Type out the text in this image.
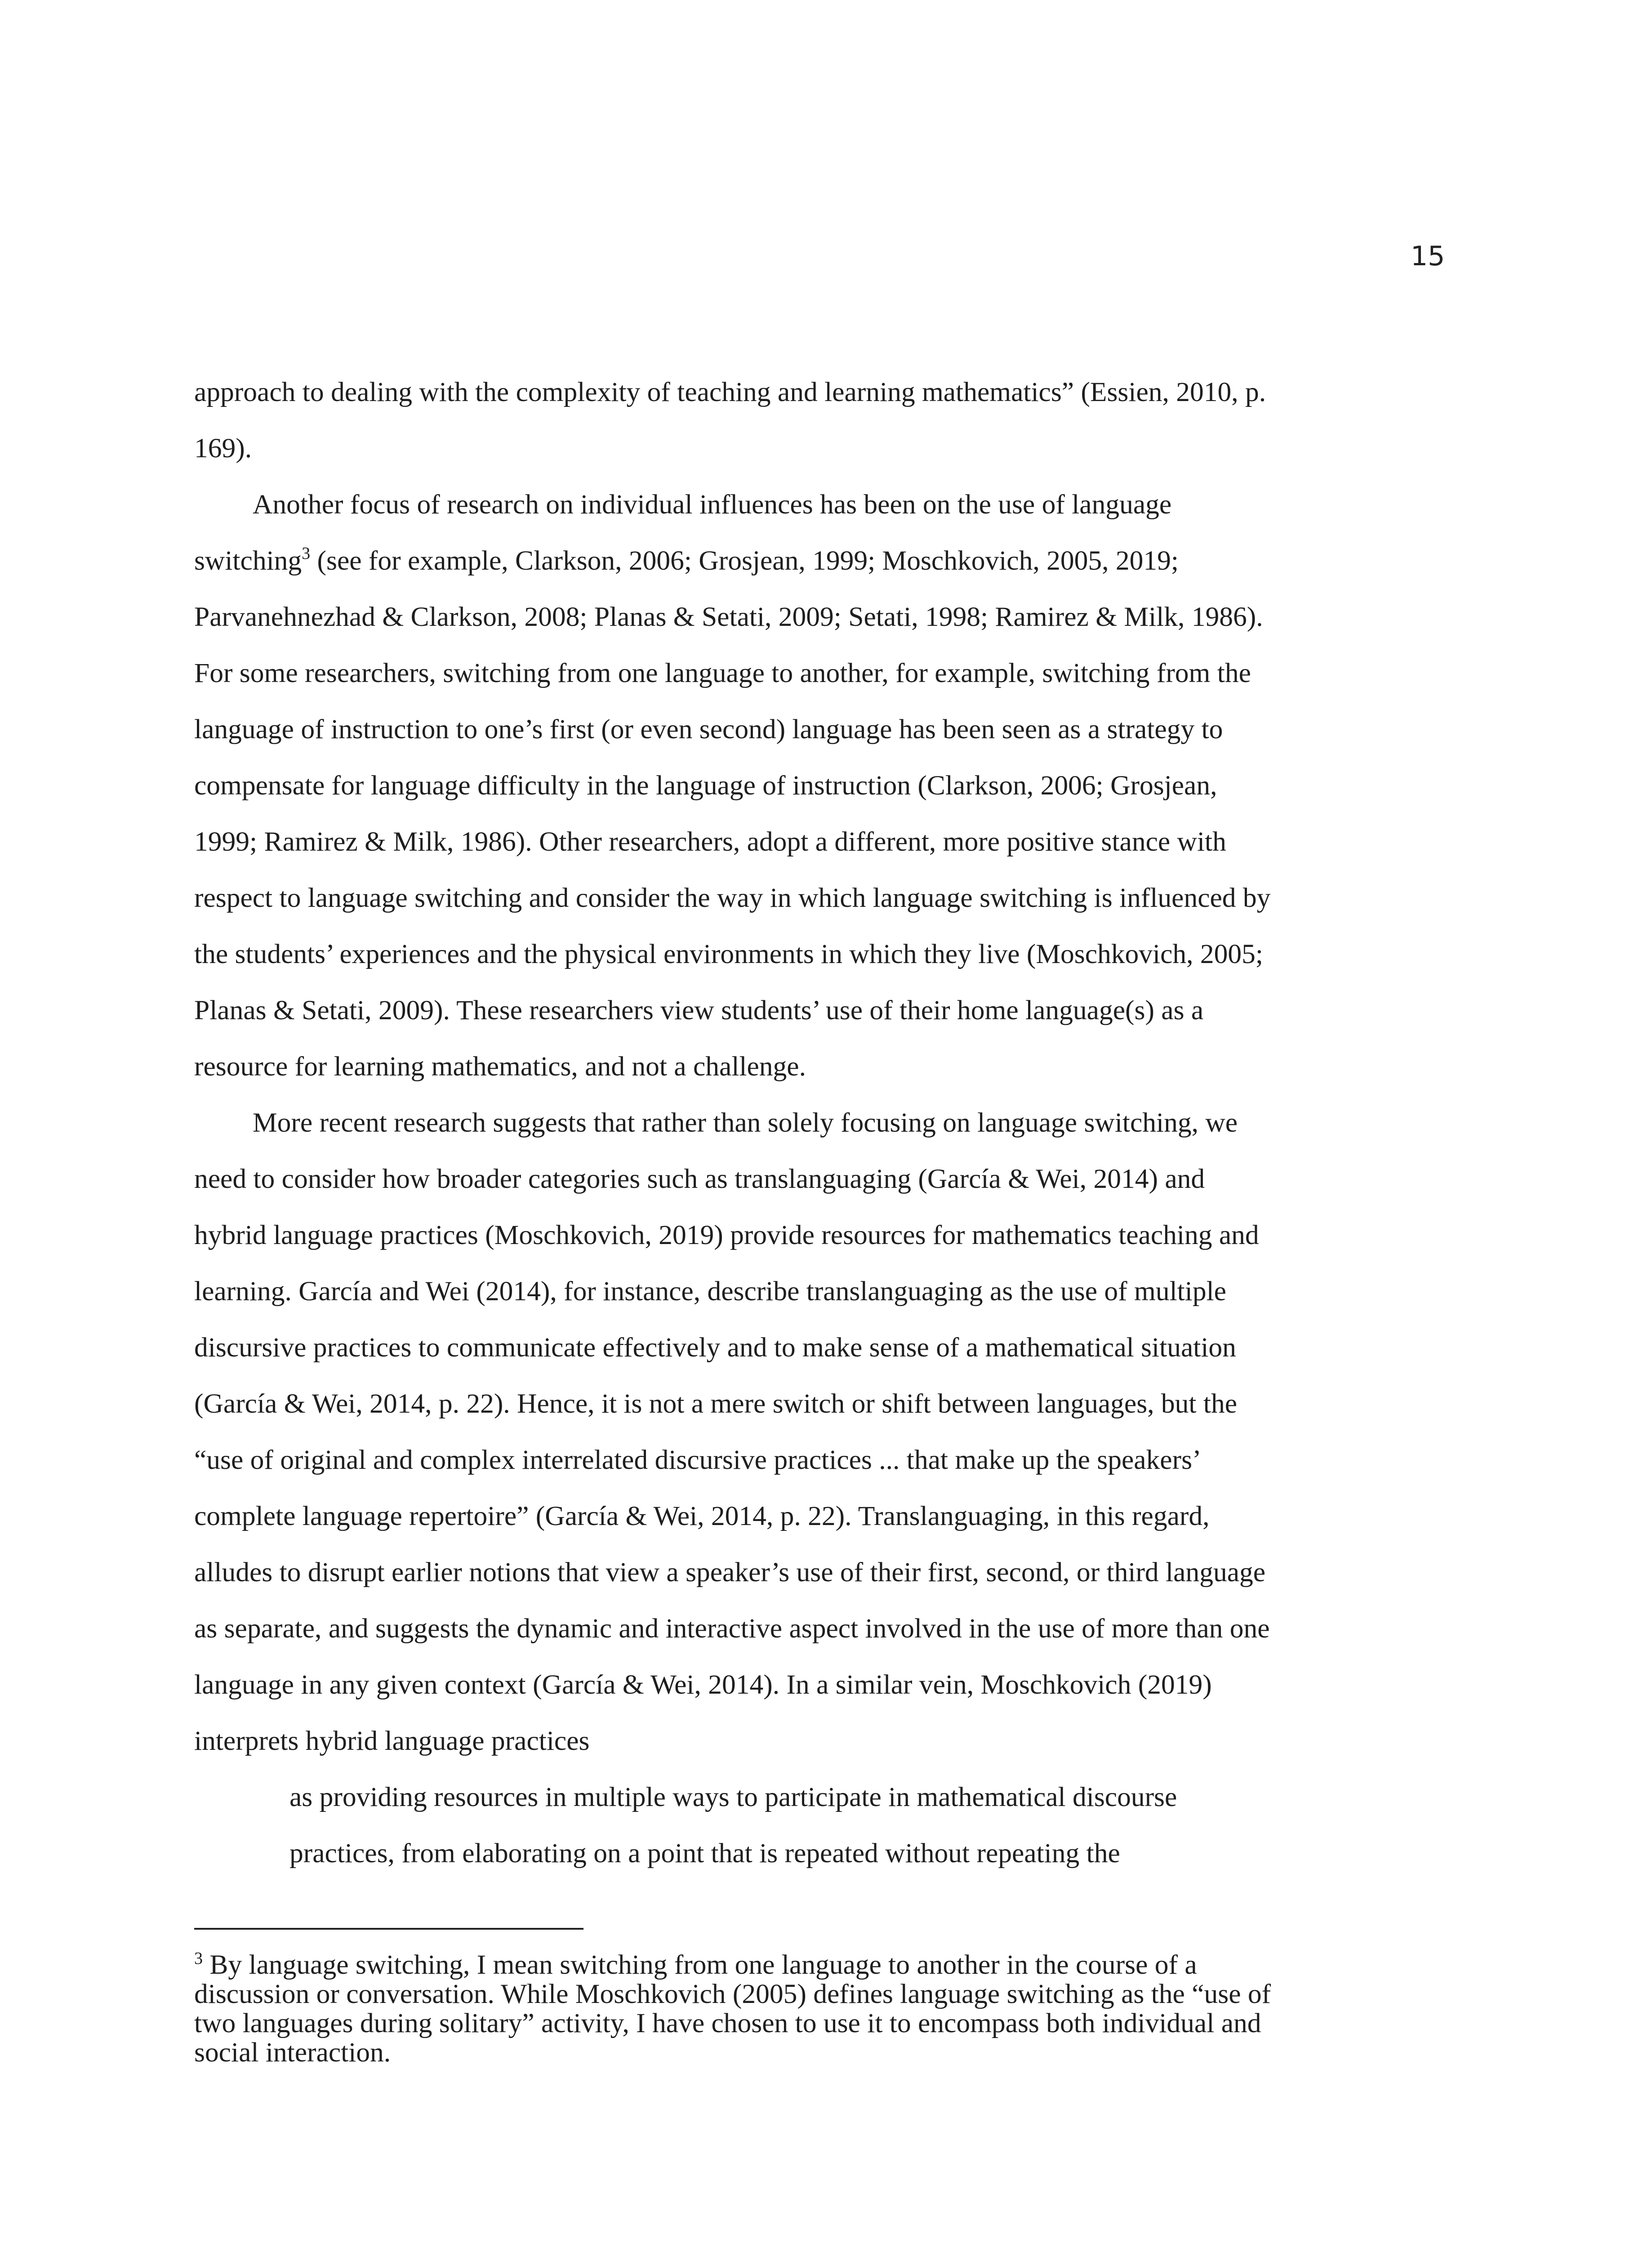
15
approach to dealing with the complexity of teaching and learning mathematics” (Essien, 2010, p.
169).
Another focus of research on individual influences has been on the use of language
switching$^3$ (see for example, Clarkson, 2006; Grosjean, 1999; Moschkovich, 2005, 2019;
Parvanehnezhad & Clarkson, 2008; Planas & Setati, 2009; Setati, 1998; Ramirez & Milk, 1986).
For some researchers, switching from one language to another, for example, switching from the
language of instruction to one’s first (or even second) language has been seen as a strategy to
compensate for language difficulty in the language of instruction (Clarkson, 2006; Grosjean,
1999; Ramirez & Milk, 1986). Other researchers, adopt a different, more positive stance with
respect to language switching and consider the way in which language switching is influenced by
the students’ experiences and the physical environments in which they live (Moschkovich, 2005;
Planas & Setati, 2009). These researchers view students’ use of their home language(s) as a
resource for learning mathematics, and not a challenge.
More recent research suggests that rather than solely focusing on language switching, we
need to consider how broader categories such as translanguaging (García & Wei, 2014) and
hybrid language practices (Moschkovich, 2019) provide resources for mathematics teaching and
learning. García and Wei (2014), for instance, describe translanguaging as the use of multiple
discursive practices to communicate effectively and to make sense of a mathematical situation
(García & Wei, 2014, p. 22). Hence, it is not a mere switch or shift between languages, but the
“use of original and complex interrelated discursive practices ... that make up the speakers’
complete language repertoire” (García & Wei, 2014, p. 22). Translanguaging, in this regard,
alludes to disrupt earlier notions that view a speaker’s use of their first, second, or third language
as separate, and suggests the dynamic and interactive aspect involved in the use of more than one
language in any given context (García & Wei, 2014). In a similar vein, Moschkovich (2019)
interprets hybrid language practices
as providing resources in multiple ways to participate in mathematical discourse
practices, from elaborating on a point that is repeated without repeating the
$^3$ By language switching, I mean switching from one language to another in the course of a
discussion or conversation. While Moschkovich (2005) defines language switching as the “use of
two languages during solitary” activity, I have chosen to use it to encompass both individual and
social interaction.
